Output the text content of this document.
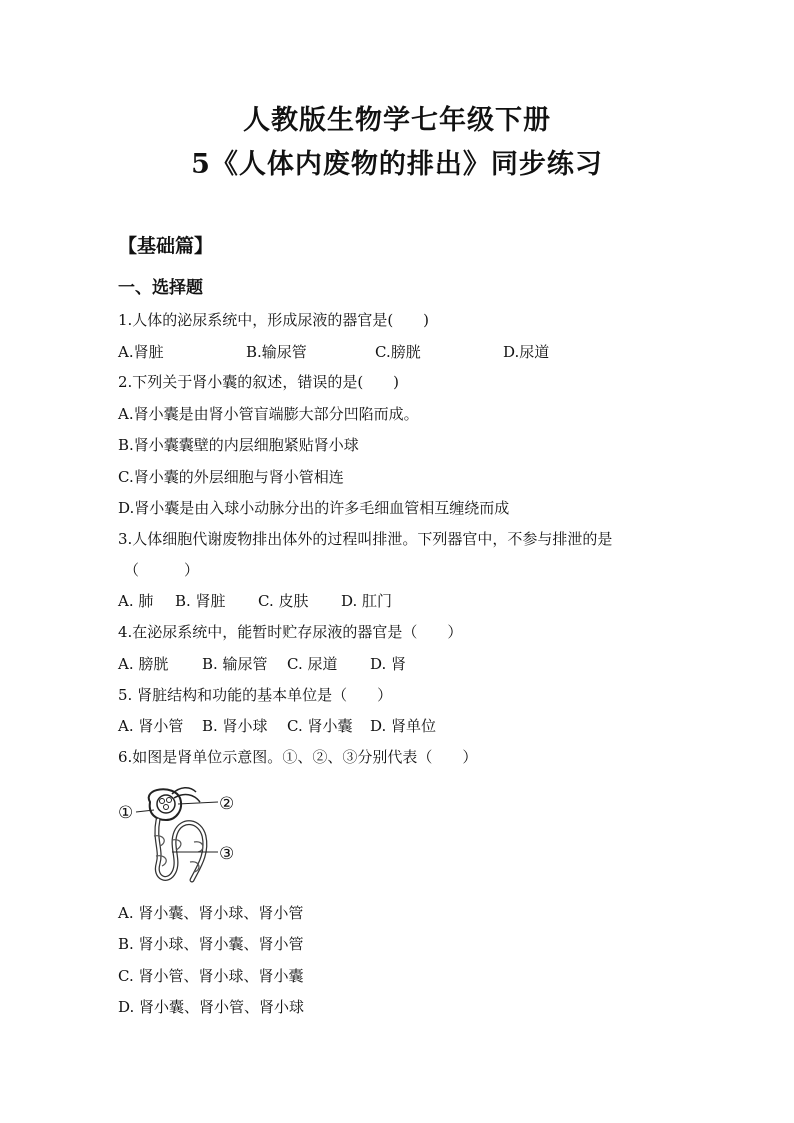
人教版生物学七年级下册
5《人体内废物的排出》同步练习
【基础篇】
一、选择题
1.人体的泌尿系统中，形成尿液的器官是(　　)
A.肾脏	B.输尿管	C.膀胱	D.尿道
2.下列关于肾小囊的叙述，错误的是(　　)
A.肾小囊是由肾小管盲端膨大部分凹陷而成。
B.肾小囊囊壁的内层细胞紧贴肾小球
C.肾小囊的外层细胞与肾小管相连
D.肾小囊是由入球小动脉分出的许多毛细血管相互缠绕而成
3.人体细胞代谢废物排出体外的过程叫排泄。下列器官中，不参与排泄的是
（　　　）
A. 肺 B. 肾脏 C. 皮肤 D. 肛门
4.在泌尿系统中，能暂时贮存尿液的器官是（　　）
A. 膀胱 B. 输尿管 C. 尿道 D. 肾
5. 肾脏结构和功能的基本单位是（　　）
A. 肾小管 B. 肾小球 C. 肾小囊 D. 肾单位
6.如图是肾单位示意图。①、②、③分别代表（　　）
①	②
③
A. 肾小囊、肾小球、肾小管
B. 肾小球、肾小囊、肾小管
C. 肾小管、肾小球、肾小囊
D. 肾小囊、肾小管、肾小球
